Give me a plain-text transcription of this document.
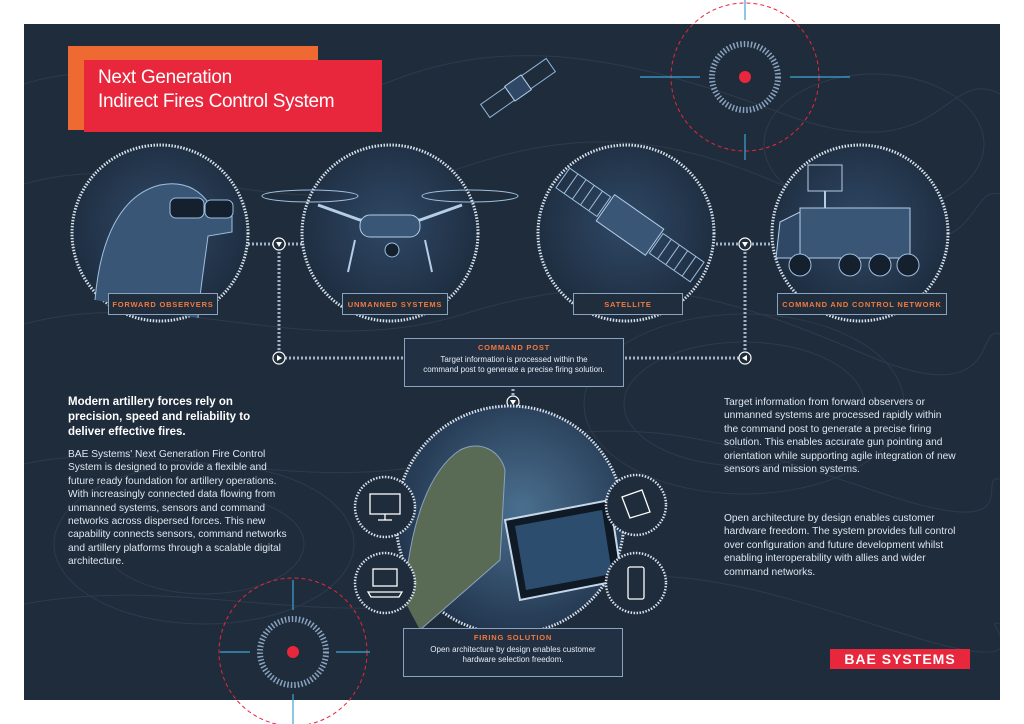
Next Generation
Indirect Fires Control System
FORWARD OBSERVERS	UNMANNED SYSTEMS	SATELLITE	COMMAND AND CONTROL NETWORK
COMMAND POST
Target information is processed within the
command post to generate a precise firing solution.
FIRING SOLUTION
Open architecture by design enables customer
hardware selection freedom.
Modern artillery forces rely on precision, speed and reliability to deliver effective fires.
BAE Systems' Next Generation Fire Control System is designed to provide a flexible and future ready foundation for artillery operations. With increasingly connected data flowing from unmanned systems, sensors and command networks across dispersed forces. This new capability connects sensors, command networks and artillery platforms through a scalable digital architecture.
Target information from forward observers or unmanned systems are processed rapidly within the command post to generate a precise firing solution. This enables accurate gun pointing and orientation while supporting agile integration of new sensors and mission systems.
Open architecture by design enables customer hardware freedom. The system provides full control over configuration and future development whilst enabling interoperability with allies and wider command networks.
BAE SYSTEMS
